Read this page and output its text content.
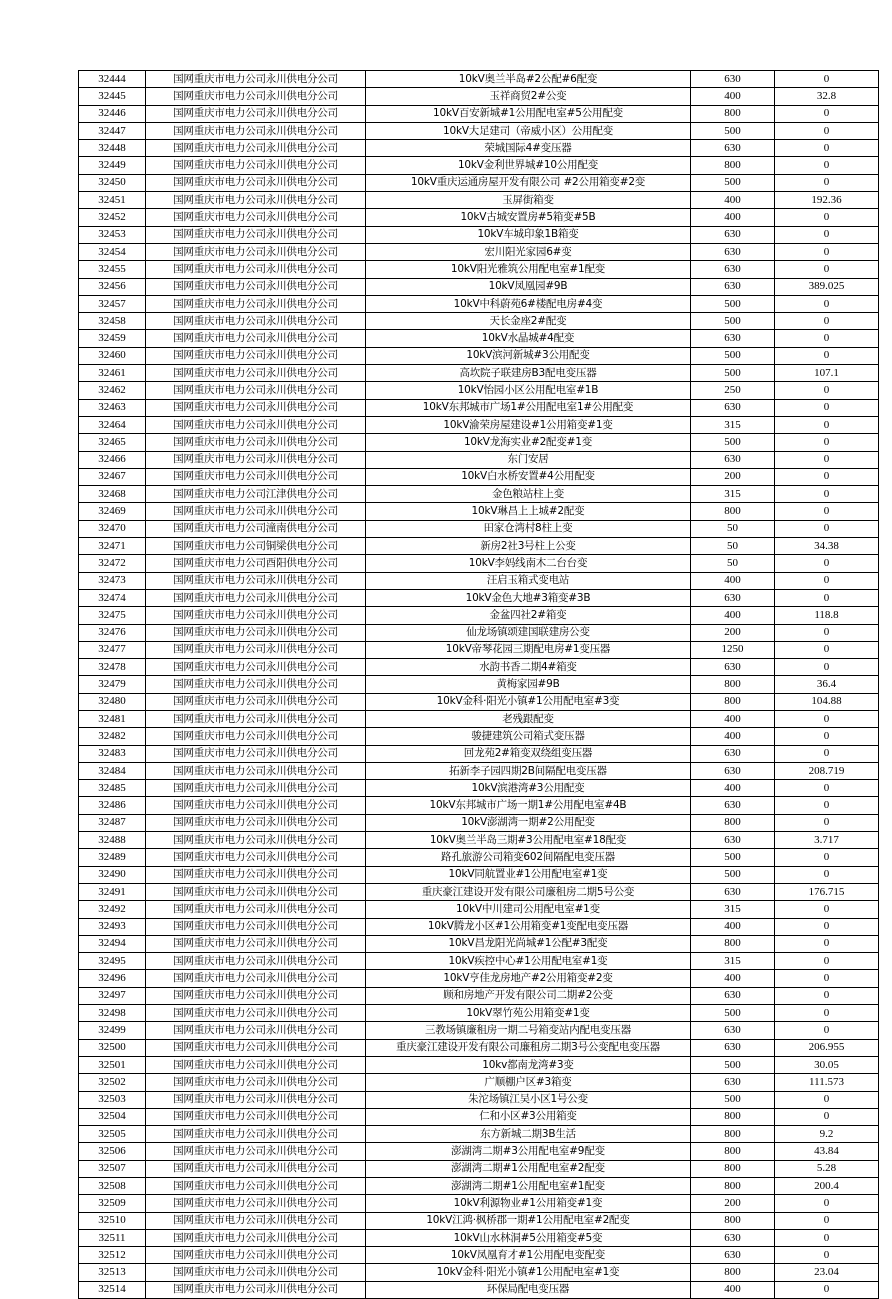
32444	国网重庆市电力公司永川供电分公司	10kV奥兰半岛#2公配#6配变	630	0
32445	国网重庆市电力公司永川供电分公司	玉祥商贸2#公变	400	32.8
32446	国网重庆市电力公司永川供电分公司	10kV百安新城#1公用配电室#5公用配变	800	0
32447	国网重庆市电力公司永川供电分公司	10kV大足建司（帝威小区）公用配变	500	0
32448	国网重庆市电力公司永川供电分公司	荣城国际4#变压器	630	0
32449	国网重庆市电力公司永川供电分公司	10kV金利世界城#10公用配变	800	0
32450	国网重庆市电力公司永川供电分公司	10kV重庆运通房屋开发有限公司 #2公用箱变#2变	500	0
32451	国网重庆市电力公司永川供电分公司	玉屏街箱变	400	192.36
32452	国网重庆市电力公司永川供电分公司	10kV古城安置房#5箱变#5B	400	0
32453	国网重庆市电力公司永川供电分公司	10kV车城印象1B箱变	630	0
32454	国网重庆市电力公司永川供电分公司	宏川阳光家园6#变	630	0
32455	国网重庆市电力公司永川供电分公司	10kV阳光雅筑公用配电室#1配变	630	0
32456	国网重庆市电力公司永川供电分公司	10kV凤凰园#9B	630	389.025
32457	国网重庆市电力公司永川供电分公司	10kV中科蔚苑6#楼配电房#4变	500	0
32458	国网重庆市电力公司永川供电分公司	天长金座2#配变	500	0
32459	国网重庆市电力公司永川供电分公司	10kV水晶城#4配变	630	0
32460	国网重庆市电力公司永川供电分公司	10kV滨河新城#3公用配变	500	0
32461	国网重庆市电力公司永川供电分公司	高坎院子联建房B3配电变压器	500	107.1
32462	国网重庆市电力公司永川供电分公司	10kV怡园小区公用配电室#1B	250	0
32463	国网重庆市电力公司永川供电分公司	10kV东邦城市广场1#公用配电室1#公用配变	630	0
32464	国网重庆市电力公司永川供电分公司	10kV渝荣房屋建设#1公用箱变#1变	315	0
32465	国网重庆市电力公司永川供电分公司	10kV龙海实业#2配变#1变	500	0
32466	国网重庆市电力公司永川供电分公司	东门安居	630	0
32467	国网重庆市电力公司永川供电分公司	10kV白水桥安置#4公用配变	200	0
32468	国网重庆市电力公司江津供电分公司	金色粮站柱上变	315	0
32469	国网重庆市电力公司永川供电分公司	10kV琳昌上上城#2配变	800	0
32470	国网重庆市电力公司潼南供电分公司	田家仓湾村8柱上变	50	0
32471	国网重庆市电力公司铜梁供电分公司	新房2社3号柱上公变	50	34.38
32472	国网重庆市电力公司酉阳供电分公司	10kV李妈线南木二台台变	50	0
32473	国网重庆市电力公司永川供电分公司	汪启玉箱式变电站	400	0
32474	国网重庆市电力公司永川供电分公司	10kV金色大地#3箱变#3B	630	0
32475	国网重庆市电力公司永川供电分公司	金盆四社2#箱变	400	118.8
32476	国网重庆市电力公司永川供电分公司	仙龙场镇颂建国联建房公变	200	0
32477	国网重庆市电力公司永川供电分公司	10kV帝琴花园三期配电房#1变压器	1250	0
32478	国网重庆市电力公司永川供电分公司	水韵书香二期4#箱变	630	0
32479	国网重庆市电力公司永川供电分公司	黄梅家园#9B	800	36.4
32480	国网重庆市电力公司永川供电分公司	10kV金科·阳光小镇#1公用配电室#3变	800	104.88
32481	国网重庆市电力公司永川供电分公司	老残跟配变	400	0
32482	国网重庆市电力公司永川供电分公司	骏捷建筑公司箱式变压器	400	0
32483	国网重庆市电力公司永川供电分公司	回龙苑2#箱变双绕组变压器	630	0
32484	国网重庆市电力公司永川供电分公司	拓新李子园四期2B间隔配电变压器	630	208.719
32485	国网重庆市电力公司永川供电分公司	10kV滨港湾#3公用配变	400	0
32486	国网重庆市电力公司永川供电分公司	10kV东邦城市广场一期1#公用配电室#4B	630	0
32487	国网重庆市电力公司永川供电分公司	10kV澎湖湾一期#2公用配变	800	0
32488	国网重庆市电力公司永川供电分公司	10kV奥兰半岛三期#3公用配电室#18配变	630	3.717
32489	国网重庆市电力公司永川供电分公司	路孔旅游公司箱变602间隔配电变压器	500	0
32490	国网重庆市电力公司永川供电分公司	10kV同航置业#1公用配电室#1变	500	0
32491	国网重庆市电力公司永川供电分公司	重庆豪江建设开发有限公司廉租房二期5号公变	630	176.715
32492	国网重庆市电力公司永川供电分公司	10kV中川建司公用配电室#1变	315	0
32493	国网重庆市电力公司永川供电分公司	10kV腾龙小区#1公用箱变#1变配电变压器	400	0
32494	国网重庆市电力公司永川供电分公司	10kV昌龙阳光尚城#1公配#3配变	800	0
32495	国网重庆市电力公司永川供电分公司	10kV疾控中心#1公用配电室#1变	315	0
32496	国网重庆市电力公司永川供电分公司	10kV亨佳龙房地产#2公用箱变#2变	400	0
32497	国网重庆市电力公司永川供电分公司	顾和房地产开发有限公司二期#2公变	630	0
32498	国网重庆市电力公司永川供电分公司	10kV翠竹苑公用箱变#1变	500	0
32499	国网重庆市电力公司永川供电分公司	三教场镇廉租房一期二号箱变站内配电变压器	630	0
32500	国网重庆市电力公司永川供电分公司	重庆豪江建设开发有限公司廉租房二期3号公变配电变压器	630	206.955
32501	国网重庆市电力公司永川供电分公司	10kv都南龙湾#3变	500	30.05
32502	国网重庆市电力公司永川供电分公司	广顺棚户区#3箱变	630	111.573
32503	国网重庆市电力公司永川供电分公司	朱沱场镇江吴小区1号公变	500	0
32504	国网重庆市电力公司永川供电分公司	仁和小区#3公用箱变	800	0
32505	国网重庆市电力公司永川供电分公司	东方新城二期3B生活	800	9.2
32506	国网重庆市电力公司永川供电分公司	澎湖湾二期#3公用配电室#9配变	800	43.84
32507	国网重庆市电力公司永川供电分公司	澎湖湾二期#1公用配电室#2配变	800	5.28
32508	国网重庆市电力公司永川供电分公司	澎湖湾二期#1公用配电室#1配变	800	200.4
32509	国网重庆市电力公司永川供电分公司	10kV利源物业#1公用箱变#1变	200	0
32510	国网重庆市电力公司永川供电分公司	10kV江鸿·枫桥郡一期#1公用配电室#2配变	800	0
32511	国网重庆市电力公司永川供电分公司	10kV山水林洞#5公用箱变#5变	630	0
32512	国网重庆市电力公司永川供电分公司	10kV凤凰育才#1公用配电变配变	630	0
32513	国网重庆市电力公司永川供电分公司	10kV金科·阳光小镇#1公用配电室#1变	800	23.04
32514	国网重庆市电力公司永川供电分公司	环保局配电变压器	400	0
